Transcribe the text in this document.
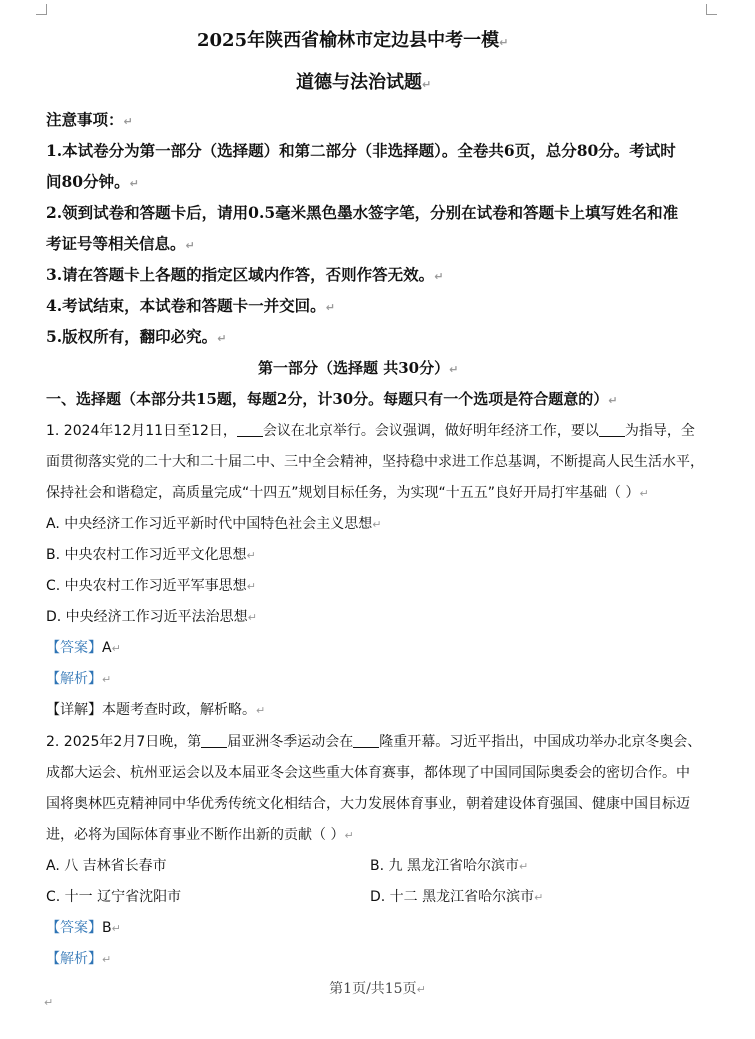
2025年陕西省榆林市定边县中考一模↵
道德与法治试题↵
注意事项：↵
1.本试卷分为第一部分（选择题）和第二部分（非选择题）。全卷共6页，总分80分。考试时
间80分钟。↵
2.领到试卷和答题卡后，请用0.5毫米黑色墨水签字笔，分别在试卷和答题卡上填写姓名和准
考证号等相关信息。↵
3.请在答题卡上各题的指定区域内作答，否则作答无效。↵
4.考试结束，本试卷和答题卡一并交回。↵
5.版权所有，翻印必究。↵
第一部分（选择题 共30分）↵
一、选择题（本部分共15题，每题2分，计30分。每题只有一个选项是符合题意的）↵
1. 2024年12月11日至12日， 会议在北京举行。会议强调，做好明年经济工作，要以 为指导，全
面贯彻落实党的二十大和二十届二中、三中全会精神，坚持稳中求进工作总基调，不断提高人民生活水平，
保持社会和谐稳定，高质量完成“十四五”规划目标任务，为实现“十五五”良好开局打牢基础（ ）↵
A. 中央经济工作习近平新时代中国特色社会主义思想↵
B. 中央农村工作习近平文化思想↵
C. 中央农村工作习近平军事思想↵
D. 中央经济工作习近平法治思想↵
【答案】A↵
【解析】↵
【详解】本题考查时政，解析略。↵
2. 2025年2月7日晚，第 届亚洲冬季运动会在 隆重开幕。习近平指出，中国成功举办北京冬奥会、
成都大运会、杭州亚运会以及本届亚冬会这些重大体育赛事，都体现了中国同国际奥委会的密切合作。中
国将奥林匹克精神同中华优秀传统文化相结合，大力发展体育事业，朝着建设体育强国、健康中国目标迈
进，必将为国际体育事业不断作出新的贡献（ ）↵
A. 八 吉林省长春市	B. 九 黑龙江省哈尔滨市↵
C. 十一 辽宁省沈阳市	D. 十二 黑龙江省哈尔滨市↵
【答案】B↵
【解析】↵
第1页/共15页↵
↵
